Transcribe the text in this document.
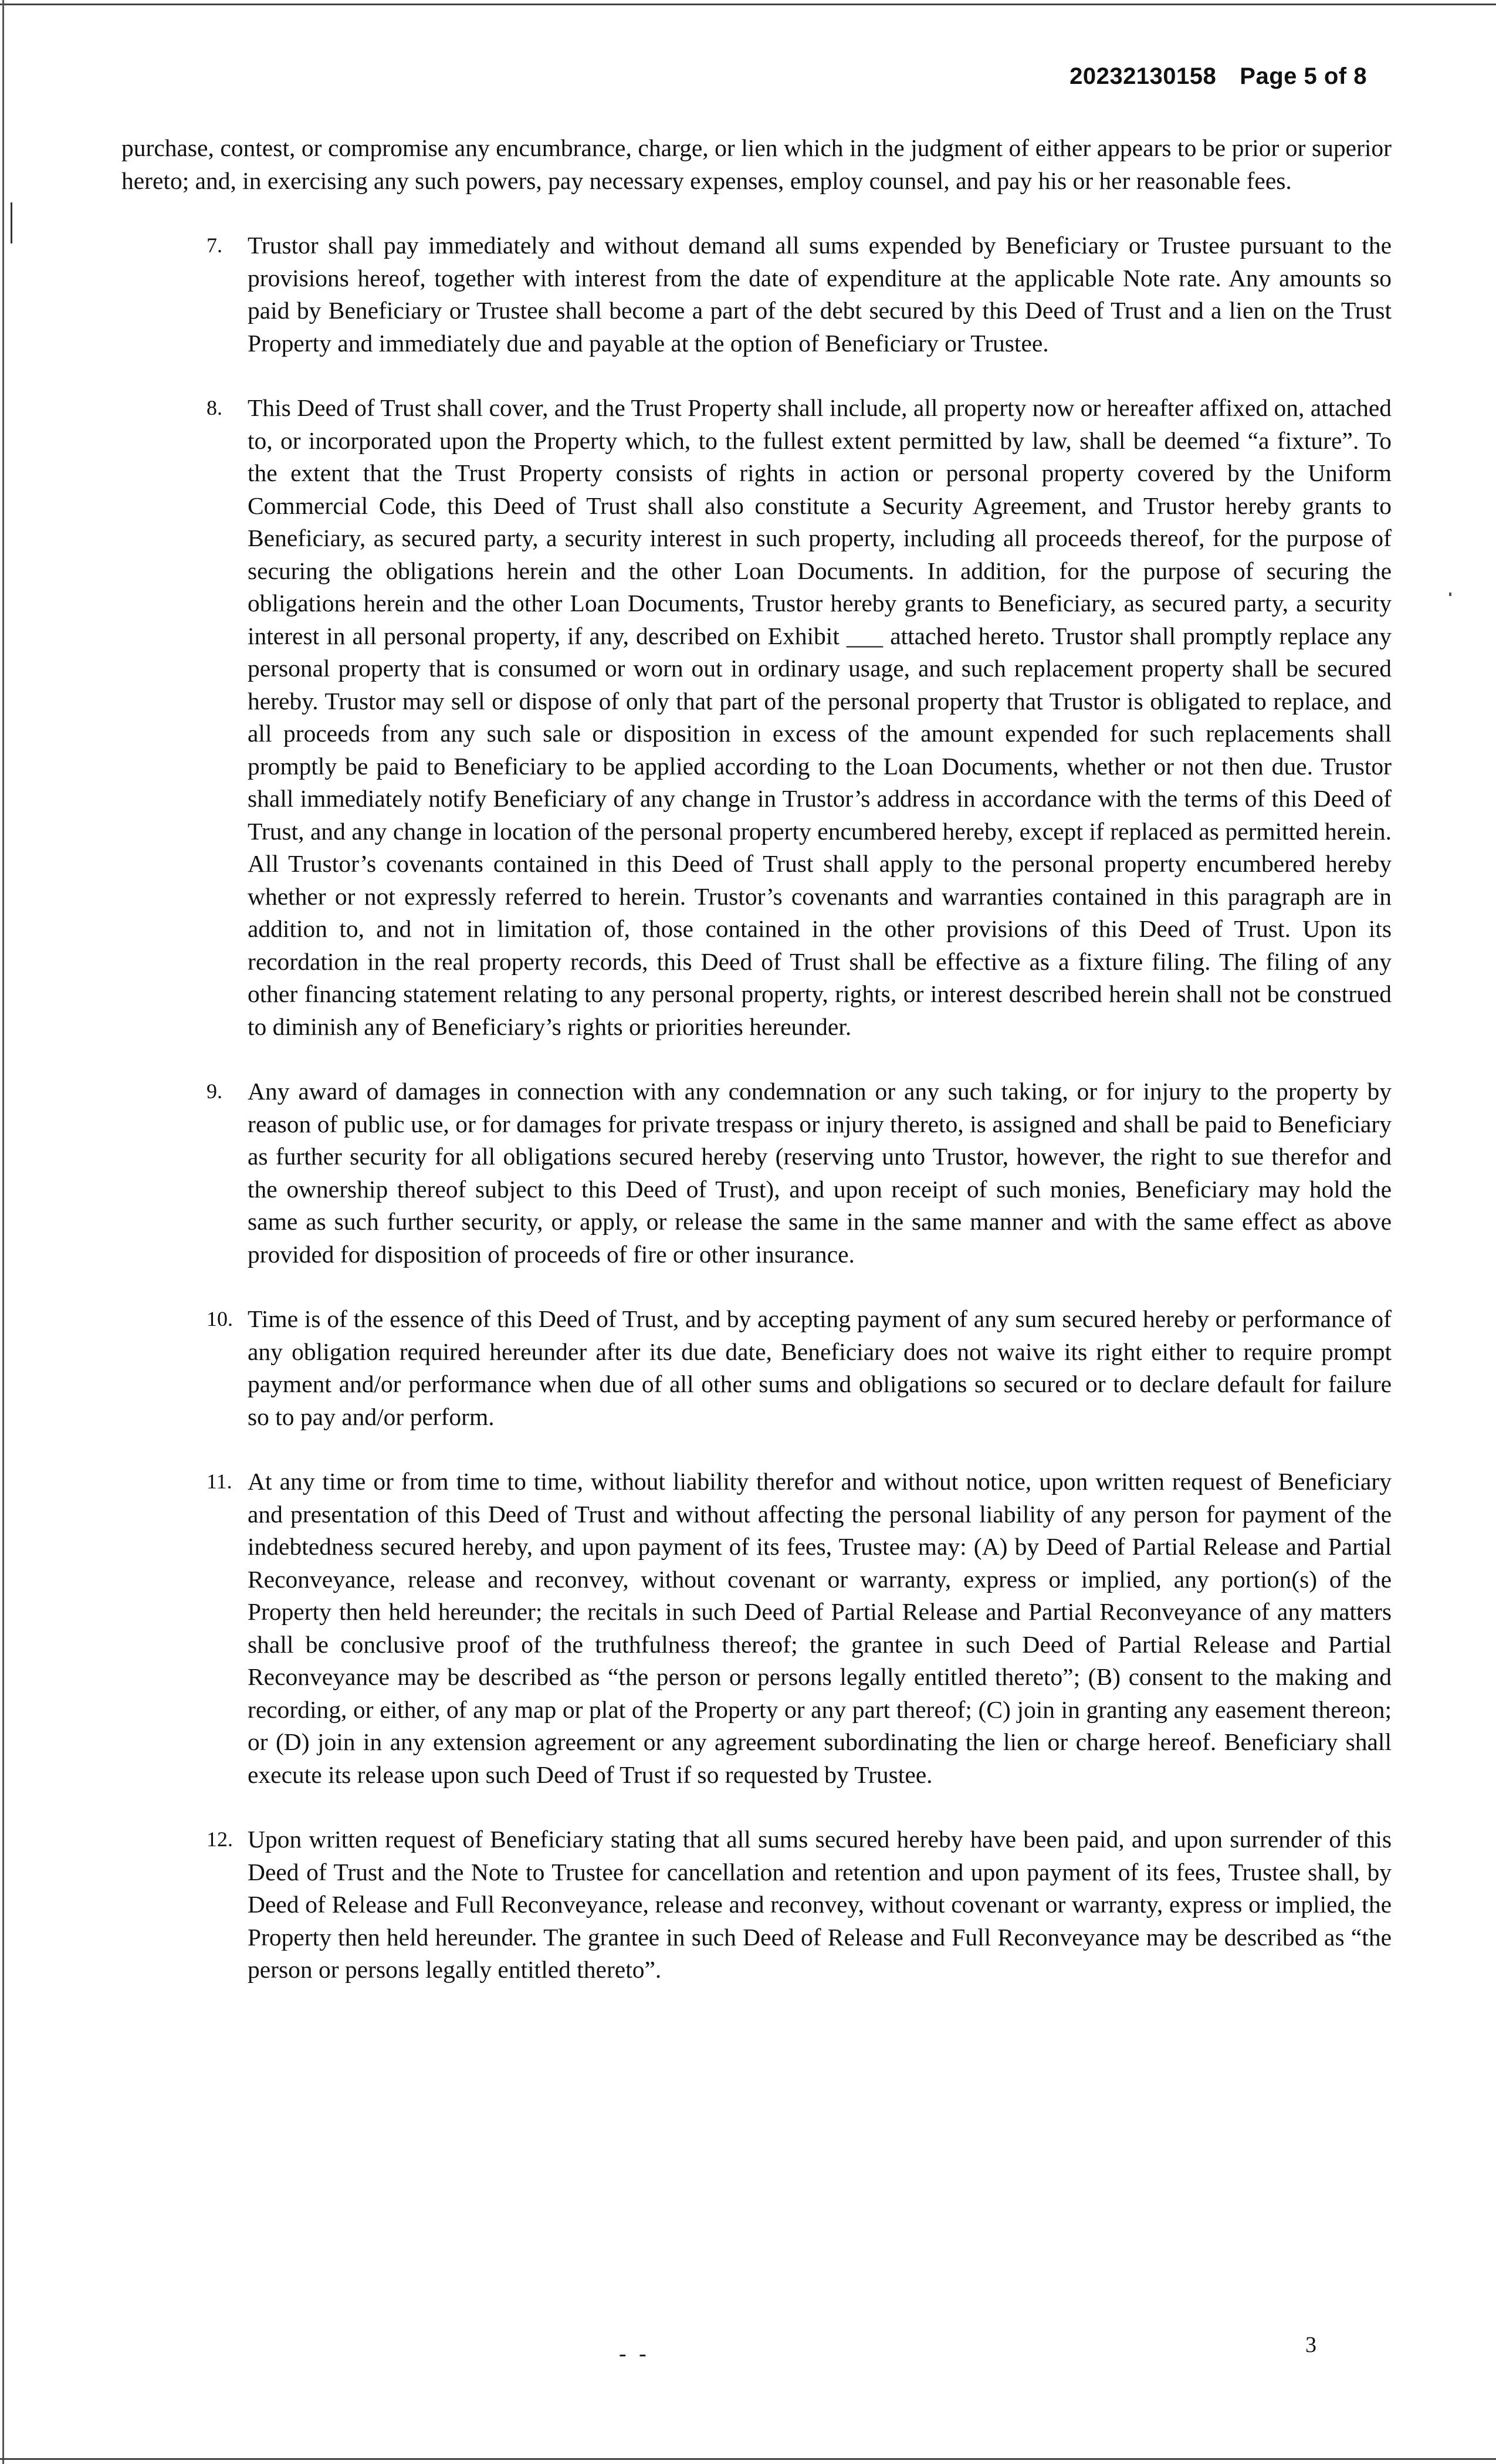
20232130158 Page 5 of 8

purchase, contest, or compromise any encumbrance, charge, or lien which in the judgment of either appears to be prior or superior hereto; and, in exercising any such powers, pay necessary expenses, employ counsel, and pay his or her reasonable fees.

7. Trustor shall pay immediately and without demand all sums expended by Beneficiary or Trustee pursuant to the provisions hereof, together with interest from the date of expenditure at the applicable Note rate. Any amounts so paid by Beneficiary or Trustee shall become a part of the debt secured by this Deed of Trust and a lien on the Trust Property and immediately due and payable at the option of Beneficiary or Trustee.
8. This Deed of Trust shall cover, and the Trust Property shall include, all property now or hereafter affixed on, attached to, or incorporated upon the Property which, to the fullest extent permitted by law, shall be deemed “a fixture”. To the extent that the Trust Property consists of rights in action or personal property covered by the Uniform Commercial Code, this Deed of Trust shall also constitute a Security Agreement, and Trustor hereby grants to Beneficiary, as secured party, a security interest in such property, including all proceeds thereof, for the purpose of securing the obligations herein and the other Loan Documents. In addition, for the purpose of securing the obligations herein and the other Loan Documents, Trustor hereby grants to Beneficiary, as secured party, a security interest in all personal property, if any, described on Exhibit ___ attached hereto. Trustor shall promptly replace any personal property that is consumed or worn out in ordinary usage, and such replacement property shall be secured hereby. Trustor may sell or dispose of only that part of the personal property that Trustor is obligated to replace, and all proceeds from any such sale or disposition in excess of the amount expended for such replacements shall promptly be paid to Beneficiary to be applied according to the Loan Documents, whether or not then due. Trustor shall immediately notify Beneficiary of any change in Trustor’s address in accordance with the terms of this Deed of Trust, and any change in location of the personal property encumbered hereby, except if replaced as permitted herein. All Trustor’s covenants contained in this Deed of Trust shall apply to the personal property encumbered hereby whether or not expressly referred to herein. Trustor’s covenants and warranties contained in this paragraph are in addition to, and not in limitation of, those contained in the other provisions of this Deed of Trust. Upon its recordation in the real property records, this Deed of Trust shall be effective as a fixture filing. The filing of any other financing statement relating to any personal property, rights, or interest described herein shall not be construed to diminish any of Beneficiary’s rights or priorities hereunder.
9. Any award of damages in connection with any condemnation or any such taking, or for injury to the property by reason of public use, or for damages for private trespass or injury thereto, is assigned and shall be paid to Beneficiary as further security for all obligations secured hereby (reserving unto Trustor, however, the right to sue therefor and the ownership thereof subject to this Deed of Trust), and upon receipt of such monies, Beneficiary may hold the same as such further security, or apply, or release the same in the same manner and with the same effect as above provided for disposition of proceeds of fire or other insurance.
10. Time is of the essence of this Deed of Trust, and by accepting payment of any sum secured hereby or performance of any obligation required hereunder after its due date, Beneficiary does not waive its right either to require prompt payment and/or performance when due of all other sums and obligations so secured or to declare default for failure so to pay and/or perform.
11. At any time or from time to time, without liability therefor and without notice, upon written request of Beneficiary and presentation of this Deed of Trust and without affecting the personal liability of any person for payment of the indebtedness secured hereby, and upon payment of its fees, Trustee may: (A) by Deed of Partial Release and Partial Reconveyance, release and reconvey, without covenant or warranty, express or implied, any portion(s) of the Property then held hereunder; the recitals in such Deed of Partial Release and Partial Reconveyance of any matters shall be conclusive proof of the truthfulness thereof; the grantee in such Deed of Partial Release and Partial Reconveyance may be described as “the person or persons legally entitled thereto”; (B) consent to the making and recording, or either, of any map or plat of the Property or any part thereof; (C) join in granting any easement thereon; or (D) join in any extension agreement or any agreement subordinating the lien or charge hereof. Beneficiary shall execute its release upon such Deed of Trust if so requested by Trustee.
12. Upon written request of Beneficiary stating that all sums secured hereby have been paid, and upon surrender of this Deed of Trust and the Note to Trustee for cancellation and retention and upon payment of its fees, Trustee shall, by Deed of Release and Full Reconveyance, release and reconvey, without covenant or warranty, express or implied, the Property then held hereunder. The grantee in such Deed of Release and Full Reconveyance may be described as “the person or persons legally entitled thereto”.
- -	3
